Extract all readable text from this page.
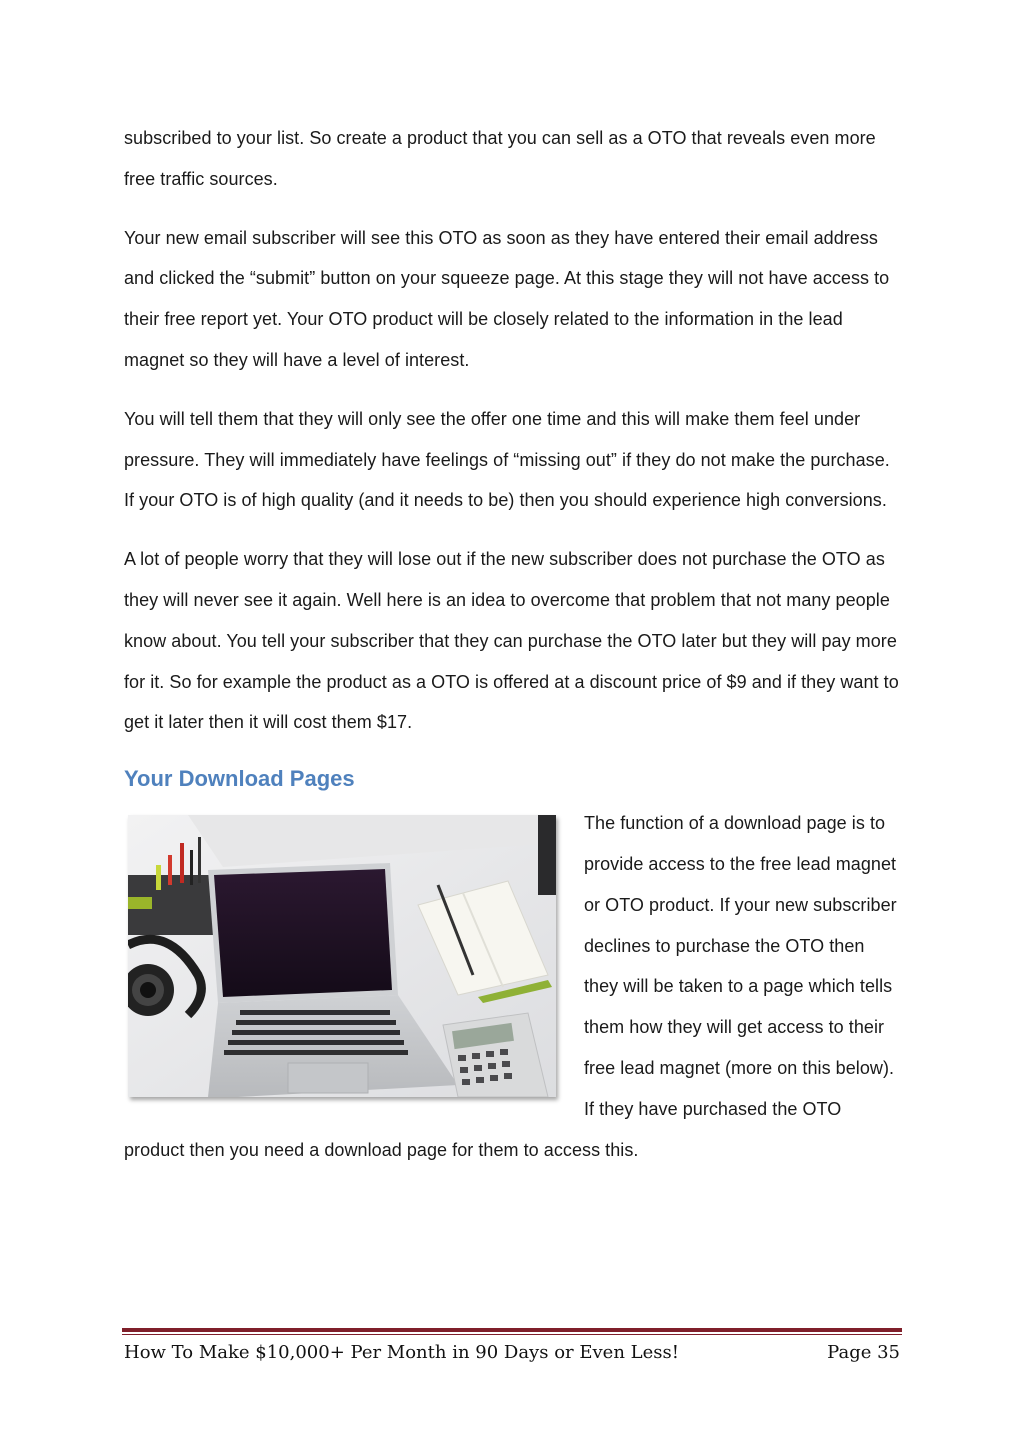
subscribed to your list. So create a product that you can sell as a OTO that reveals even more free traffic sources.

Your new email subscriber will see this OTO as soon as they have entered their email address and clicked the “submit” button on your squeeze page. At this stage they will not have access to their free report yet. Your OTO product will be closely related to the information in the lead magnet so they will have a level of interest.

You will tell them that they will only see the offer one time and this will make them feel under pressure. They will immediately have feelings of “missing out” if they do not make the purchase. If your OTO is of high quality (and it needs to be) then you should experience high conversions.

A lot of people worry that they will lose out if the new subscriber does not purchase the OTO as they will never see it again. Well here is an idea to overcome that problem that not many people know about. You tell your subscriber that they can purchase the OTO later but they will pay more for it. So for example the product as a OTO is offered at a discount price of $9 and if they want to get it later then it will cost them $17.

Your Download Pages

The function of a download page is to provide access to the free lead magnet or OTO product. If your new subscriber declines to purchase the OTO then they will be taken to a page which tells them how they will get access to their free lead magnet (more on this below). If they have purchased the OTO product then you need a download page for them to access this.

How To Make $10,000+ Per Month in 90 Days or Even Less!	Page 35
